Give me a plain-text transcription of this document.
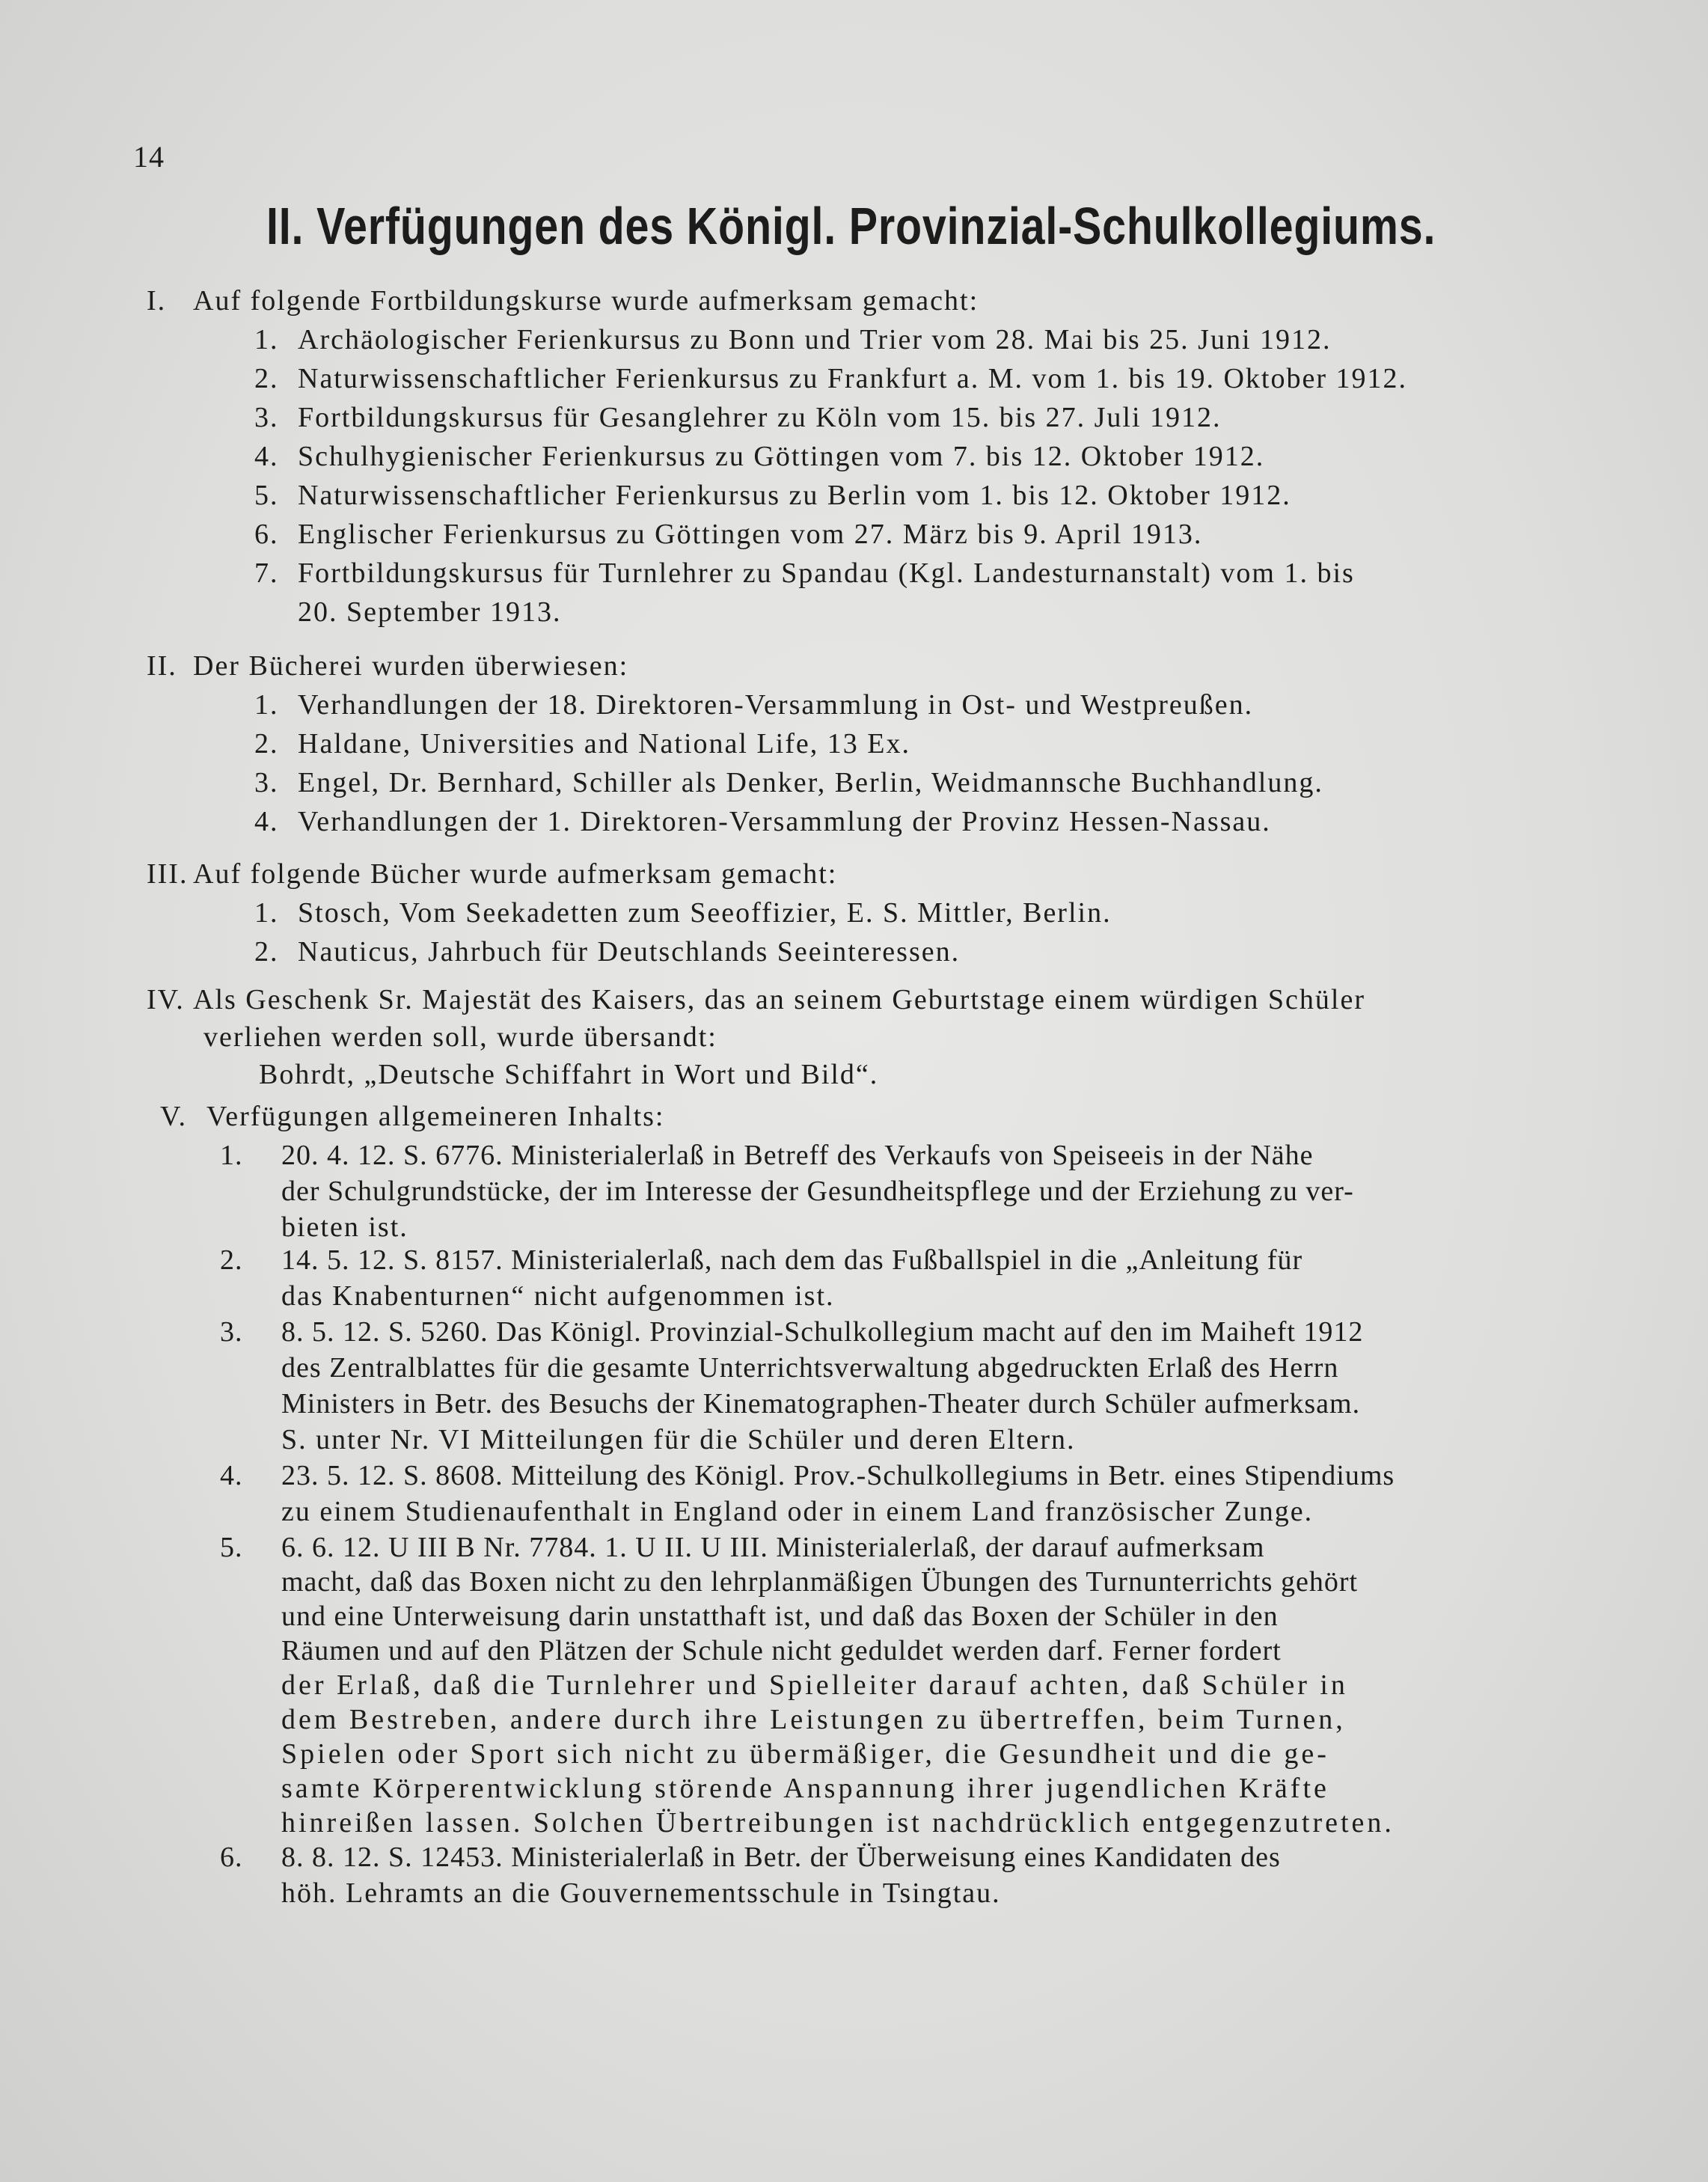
14
II. Verfügungen des Königl. Provinzial-Schulkollegiums.
I. Auf folgende Fortbildungskurse wurde aufmerksam gemacht:
1. Archäologischer Ferienkursus zu Bonn und Trier vom 28. Mai bis 25. Juni 1912.
2. Naturwissenschaftlicher Ferienkursus zu Frankfurt a. M. vom 1. bis 19. Oktober 1912.
3. Fortbildungskursus für Gesanglehrer zu Köln vom 15. bis 27. Juli 1912.
4. Schulhygienischer Ferienkursus zu Göttingen vom 7. bis 12. Oktober 1912.
5. Naturwissenschaftlicher Ferienkursus zu Berlin vom 1. bis 12. Oktober 1912.
6. Englischer Ferienkursus zu Göttingen vom 27. März bis 9. April 1913.
7. Fortbildungskursus für Turnlehrer zu Spandau (Kgl. Landesturnanstalt) vom 1. bis
20. September 1913.
II. Der Bücherei wurden überwiesen:
1. Verhandlungen der 18. Direktoren-Versammlung in Ost- und Westpreußen.
2. Haldane, Universities and National Life, 13 Ex.
3. Engel, Dr. Bernhard, Schiller als Denker, Berlin, Weidmannsche Buchhandlung.
4. Verhandlungen der 1. Direktoren-Versammlung der Provinz Hessen-Nassau.
III. Auf folgende Bücher wurde aufmerksam gemacht:
1. Stosch, Vom Seekadetten zum Seeoffizier, E. S. Mittler, Berlin.
2. Nauticus, Jahrbuch für Deutschlands Seeinteressen.
IV. Als Geschenk Sr. Majestät des Kaisers, das an seinem Geburtstage einem würdigen Schüler
verliehen werden soll, wurde übersandt:
Bohrdt, „Deutsche Schiffahrt in Wort und Bild“.
V. Verfügungen allgemeineren Inhalts:
1. 20. 4. 12. S. 6776. Ministerialerlaß in Betreff des Verkaufs von Speiseeis in der Nähe
der Schulgrundstücke, der im Interesse der Gesundheitspflege und der Erziehung zu ver-
bieten ist.
2. 14. 5. 12. S. 8157. Ministerialerlaß, nach dem das Fußballspiel in die „Anleitung für
das Knabenturnen“ nicht aufgenommen ist.
3. 8. 5. 12. S. 5260. Das Königl. Provinzial-Schulkollegium macht auf den im Maiheft 1912
des Zentralblattes für die gesamte Unterrichtsverwaltung abgedruckten Erlaß des Herrn
Ministers in Betr. des Besuchs der Kinematographen-Theater durch Schüler aufmerksam.
S. unter Nr. VI Mitteilungen für die Schüler und deren Eltern.
4. 23. 5. 12. S. 8608. Mitteilung des Königl. Prov.-Schulkollegiums in Betr. eines Stipendiums
zu einem Studienaufenthalt in England oder in einem Land französischer Zunge.
5. 6. 6. 12. U III B Nr. 7784. 1. U II. U III. Ministerialerlaß, der darauf aufmerksam
macht, daß das Boxen nicht zu den lehrplanmäßigen Übungen des Turnunterrichts gehört
und eine Unterweisung darin unstatthaft ist, und daß das Boxen der Schüler in den
Räumen und auf den Plätzen der Schule nicht geduldet werden darf. Ferner fordert
der Erlaß, daß die Turnlehrer und Spielleiter darauf achten, daß Schüler in
dem Bestreben, andere durch ihre Leistungen zu übertreffen, beim Turnen,
Spielen oder Sport sich nicht zu übermäßiger, die Gesundheit und die ge-
samte Körperentwicklung störende Anspannung ihrer jugendlichen Kräfte
hinreißen lassen. Solchen Übertreibungen ist nachdrücklich entgegenzutreten.
6. 8. 8. 12. S. 12453. Ministerialerlaß in Betr. der Überweisung eines Kandidaten des
höh. Lehramts an die Gouvernementsschule in Tsingtau.
